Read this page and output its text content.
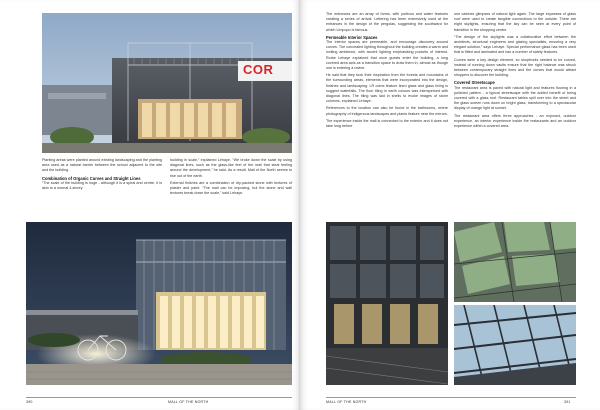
COR

Planting areas were planted around existing landscaping and the planting area used as a natural barrier between the school adjacent to the site and the building.

Combination of Organic Curves and Straight Lines

“The scale of the building is huge - although it is a spiral and centre, it is akin to a normal 4-storey

building in scale,” explained Lehaye. “We broke down the scale by using diagonal lines, such as the glass-like feel of the mall that steal feeling around the development,” he said. As a result, Mall of the North seems to rise out of the earth.

External finishes are a combination of dry-packed stone with textures of plaster and paint. “The mall can be imposing, but the stone and wall textures break down the scale,” said Lehaye.

390	MALL OF THE NORTH

The entrances are an array of forms, with porticos and water features creating a series of arrival. Lettering has been extensively used at the entrances in the design of the pergolas, suggesting the southward for which Limpopo is famous.

Permeable Interior Spaces

The interior spaces are permeable, and encourage discovery around curves. The concealed lighting throughout the building creates a warm and inviting ambience, with accent lighting emphasising pockets of interest. Rorke Lehaye explained that once guests enter the building, a long covered area acts as a transition space to draw them in, almost as though one is entering a ravine.

He said that they took their inspiration from the forests and mountains of the surrounding areas, elements that were incorporated into the design, finishes and landscaping. LR come feature lined glass and glass lining is suggest waterfalls. The floor tiling in earth colours was interspersed with diagonal lines. The tiling was laid in shells to evoke images of stone columns, explained Lehaye.

References to the location can also be found in the bathrooms, where photography of indigenous landscapes and plants feature near the mirrors.

The experience inside the mall is connected to the exterior and it does not take long before

one catches glimpses of natural light again. The large expanses of glass roof were used to create tangible connections to the outside. There are eight skylights, ensuring that the sky can be seen at every point of transition in the shopping centre.

“The design of the skylights was a collaborative effort between the architects, structural engineers and glazing specialists, ensuring a very elegant solution,” says Lehaye. Special performance glass has been used that is fitted and laminated and has a number of safety features.

Curves were a key design element, so shopfronts needed to be curved, instead of running down vaults ensure that the right balance was struck between contemporary straight lines and the curves that would attract shoppers to discover the building.

Covered Streetscape

The restaurant area is paved with natural light and features flooring in a polished pattern - a typical streetscape with the added benefit of being covered with a glass roof. Restaurant tables spill over into the street and the glass screen runs down on bright glass, transforming to a spectacular display of orange light at sunset.

The restaurant area offers three approaches - an exposed, outdoor experience, an interior experience inside the restaurants and an outdoor experience within a covered area.

MALL OF THE NORTH	391
